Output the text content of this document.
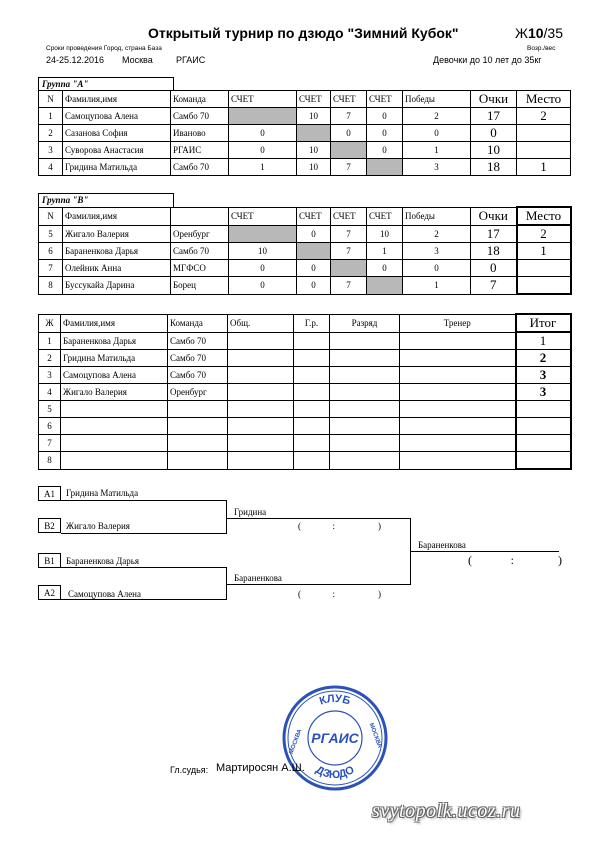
Открытый турнир по дзюдо "Зимний Кубок"	Ж10/35
Сроки проведения Город, страна База
24-25.12.2016 Москва	РГАИС
Возр./вес
Девочки до 10 лет до 35кг
Группа "А"
N	Фамилия,имя	Команда	СЧЕТ	СЧЕТ	СЧЕТ	СЧЕТ	Победы	Очки	Место
1	Самоцупова Алена	Самбо 70		10	7	0	2	17	2
2	Сазанова София	Иваново	0		0	0	0	0	
3	Суворова Анастасия	РГАИС	0	10		0	1	10	
4	Гридина Матильда	Самбо 70	1	10	7		3	18	1
Группа "В"
N	Фамилия,имя		СЧЕТ	СЧЕТ	СЧЕТ	СЧЕТ	Победы	Очки	Место
5	Жигало Валерия	Оренбург		0	7	10	2	17	2
6	Бараненкова Дарья	Самбо 70	10		7	1	3	18	1
7	Олейник Анна	МГФСО	0	0		0	0	0	
8	Буссукайа Дарина	Борец	0	0	7		1	7	
Ж	Фамилия,имя	Команда	Общ.	Г.р.	Разряд	Тренер	Итог
1	Бараненкова Дарья	Самбо 70					1
2	Гридина Матильда	Самбо 70					2
3	Самоцупова Алена	Самбо 70					3
4	Жигало Валерия	Оренбург					3
5							
6							
7							
8							
А1	Гридина Матильда
В2	Жигало Валерия
Гридина
(	:	)
В1	Бараненкова Дарья
А2	Самоцупова Алена
Бараненкова
(	:	)
Бараненкова
(	:	)
КЛУБ
ДЗЮДО
МОСКВА	МОСКВА
РГАИС
Гл.судья: Мартиросян А.Ш.
svytopolk.ucoz.ru
